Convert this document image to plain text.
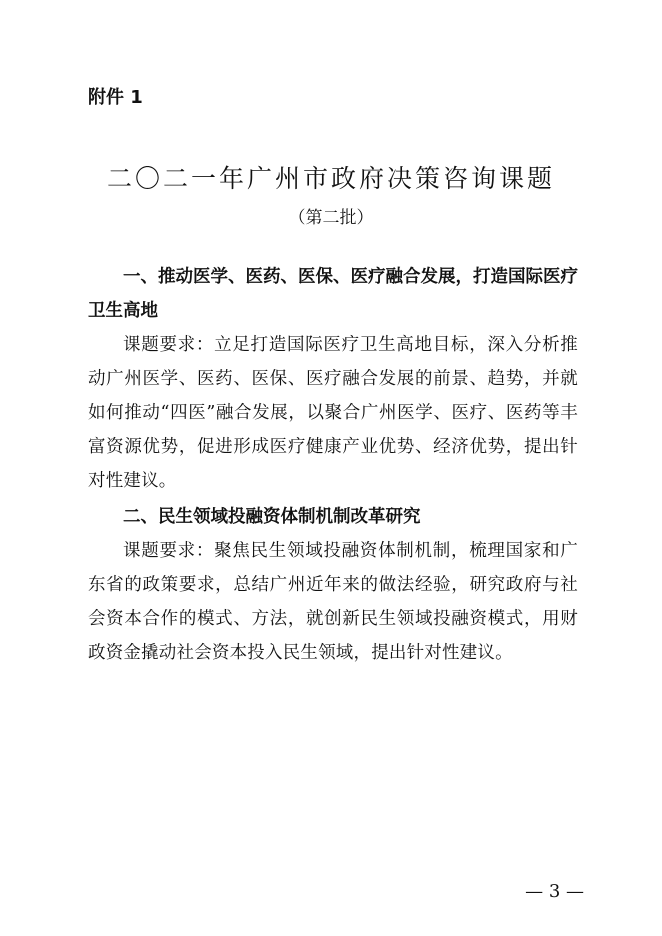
附件 1
二〇二一年广州市政府决策咨询课题
（第二批）

一、推动医学、医药、医保、医疗融合发展，打造国际医疗卫生高地

课题要求：立足打造国际医疗卫生高地目标，深入分析推动广州医学、医药、医保、医疗融合发展的前景、趋势，并就如何推动“四医”融合发展，以聚合广州医学、医疗、医药等丰富资源优势，促进形成医疗健康产业优势、经济优势，提出针对性建议。

二、民生领域投融资体制机制改革研究

课题要求：聚焦民生领域投融资体制机制，梳理国家和广东省的政策要求，总结广州近年来的做法经验，研究政府与社会资本合作的模式、方法，就创新民生领域投融资模式，用财政资金撬动社会资本投入民生领域，提出针对性建议。

— 3 —
